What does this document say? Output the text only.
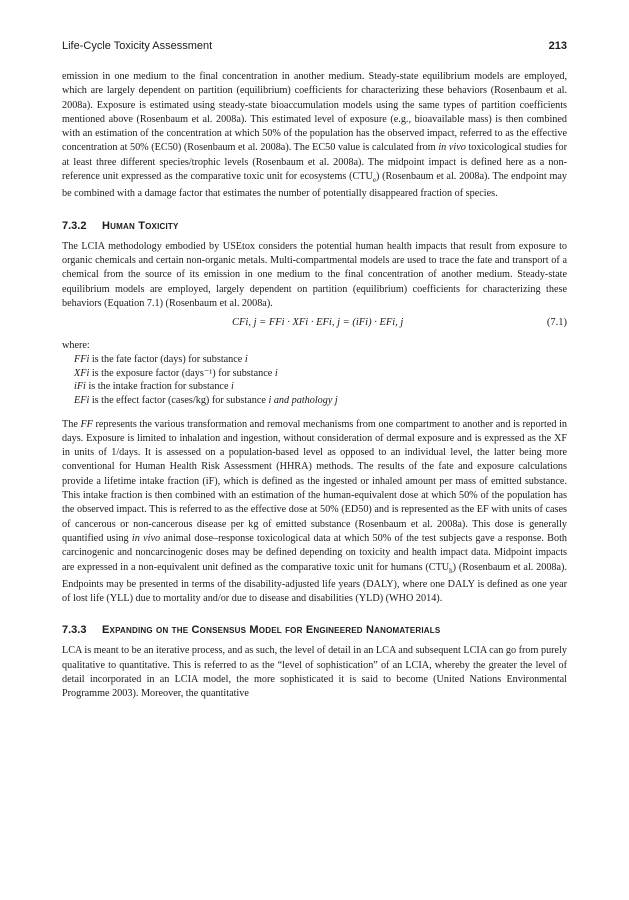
Life-Cycle Toxicity Assessment	213

emission in one medium to the final concentration in another medium. Steady-state equilibrium models are employed, which are largely dependent on partition (equilibrium) coefficients for characterizing these behaviors (Rosenbaum et al. 2008a). Exposure is estimated using steady-state bioaccumulation models using the same types of partition coefficients mentioned above (Rosenbaum et al. 2008a). This estimated level of exposure (e.g., bioavailable mass) is then combined with an estimation of the concentration at which 50% of the population has the observed impact, referred to as the effective concentration at 50% (EC50) (Rosenbaum et al. 2008a). The EC50 value is calculated from in vivo toxicological studies for at least three different species/trophic levels (Rosenbaum et al. 2008a). The midpoint impact is defined here as a non-reference unit expressed as the comparative toxic unit for ecosystems $(CTU_e)$ (Rosenbaum et al. 2008a). The endpoint may be combined with a damage factor that estimates the number of potentially disappeared fraction of species.

7.3.2	Human Toxicity

The LCIA methodology embodied by USEtox considers the potential human health impacts that result from exposure to organic chemicals and certain non-organic metals. Multi-compartmental models are used to trace the fate and transport of a chemical from the source of its emission in one medium to the final concentration of another medium. Steady-state equilibrium models are employed, largely dependent on partition (equilibrium) coefficients for characterizing these behaviors (Equation 7.1) (Rosenbaum et al. 2008a).

CFi, j = FFi · XFi · EFi, j = (iFi) · EFi, j	(7.1)
where:
FFi is the fate factor (days) for substance i
XFi is the exposure factor (days⁻¹) for substance i
iFi is the intake fraction for substance i
EFi is the effect factor (cases/kg) for substance i and pathology j

The FF represents the various transformation and removal mechanisms from one compartment to another and is reported in days. Exposure is limited to inhalation and ingestion, without consideration of dermal exposure and is expressed as the XF in units of 1/days. It is assessed on a population-based level as opposed to an individual level, the latter being more conventional for Human Health Risk Assessment (HHRA) methods. The results of the fate and exposure calculations provide a lifetime intake fraction (iF), which is defined as the ingested or inhaled amount per mass of emitted substance. This intake fraction is then combined with an estimation of the human-equivalent dose at which 50% of the population has the observed impact. This is referred to as the effective dose at 50% (ED50) and is represented as the EF with units of cases of cancerous or non-cancerous disease per kg of emitted substance (Rosenbaum et al. 2008a). This dose is generally quantified using in vivo animal dose–response toxicological data at which 50% of the test subjects gave a response. Both carcinogenic and noncarcinogenic doses may be defined depending on toxicity and health impact data. Midpoint impacts are expressed in a non-equivalent unit defined as the comparative toxic unit for humans $(CTU_h)$ (Rosenbaum et al. 2008a). Endpoints may be presented in terms of the disability-adjusted life years (DALY), where one DALY is defined as one year of lost life (YLL) due to mortality and/or due to disease and disabilities (YLD) (WHO 2014).

7.3.3	Expanding on the Consensus Model for Engineered Nanomaterials

LCA is meant to be an iterative process, and as such, the level of detail in an LCA and subsequent LCIA can go from purely qualitative to quantitative. This is referred to as the “level of sophistication” of an LCIA, whereby the greater the level of detail incorporated in an LCIA model, the more sophisticated it is said to become (United Nations Environmental Programme 2003). Moreover, the quantitative
